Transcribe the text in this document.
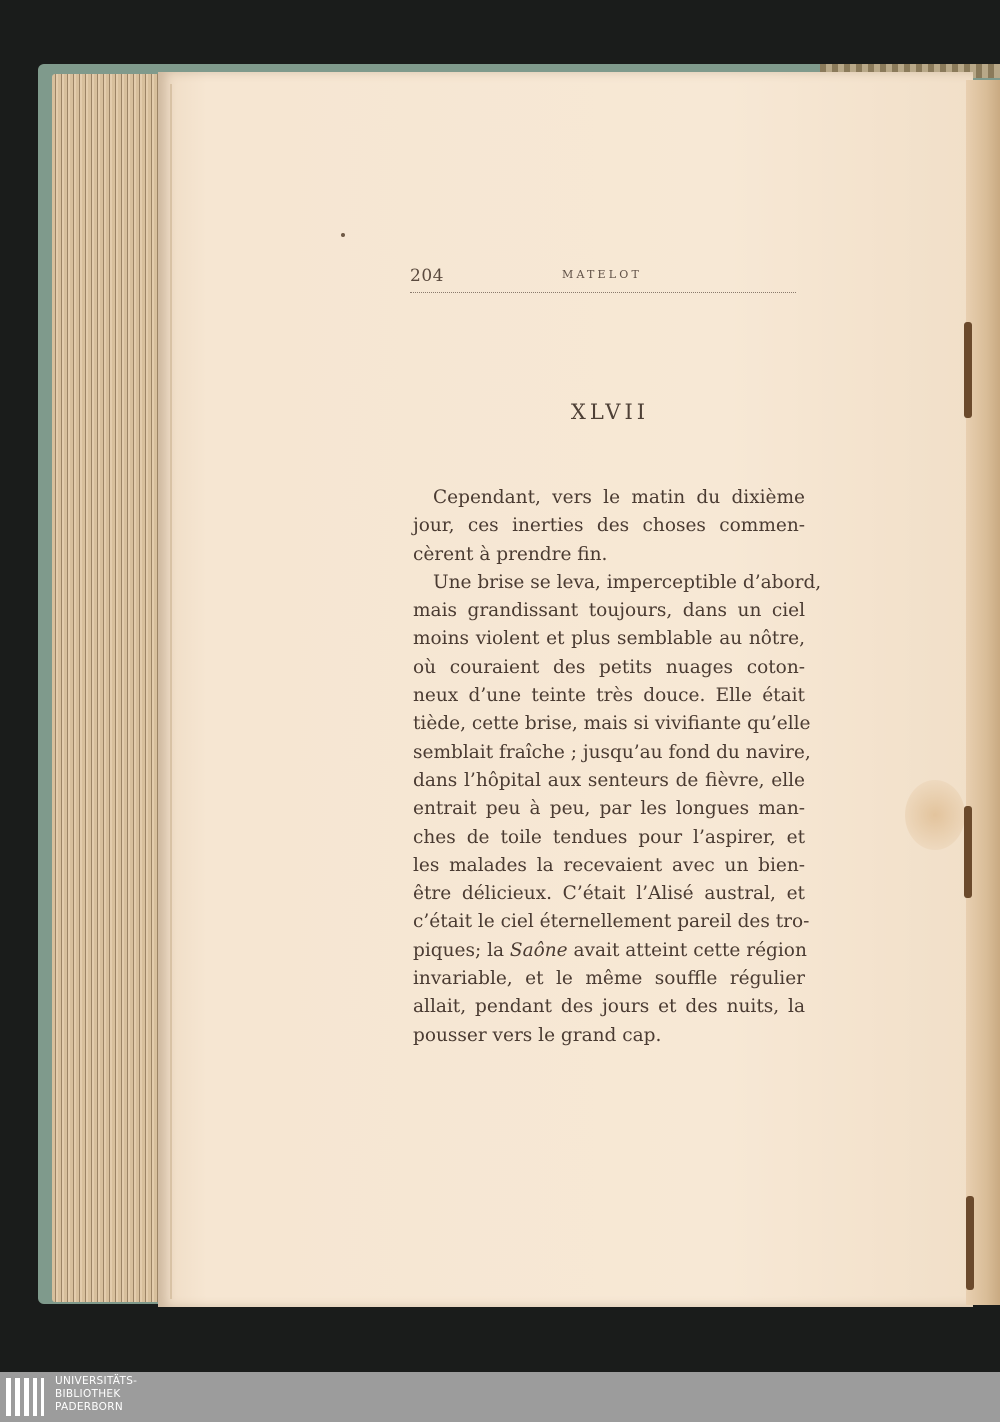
204	MATELOT
XLVII
Cependant, vers le matin du dixième
jour, ces inerties des choses commen-
cèrent à prendre fin.
Une brise se leva, imperceptible d’abord,
mais grandissant toujours, dans un ciel
moins violent et plus semblable au nôtre,
où couraient des petits nuages coton-
neux d’une teinte très douce. Elle était
tiède, cette brise, mais si vivifiante qu’elle
semblait fraîche ; jusqu’au fond du navire,
dans l’hôpital aux senteurs de fièvre, elle
entrait peu à peu, par les longues man-
ches de toile tendues pour l’aspirer, et
les malades la recevaient avec un bien-
être délicieux. C’était l’Alisé austral, et
c’était le ciel éternellement pareil des tro-
piques; la Saône avait atteint cette région
invariable, et le même souffle régulier
allait, pendant des jours et des nuits, la
pousser vers le grand cap.
UNIVERSITÄTS-
BIBLIOTHEK
PADERBORN
